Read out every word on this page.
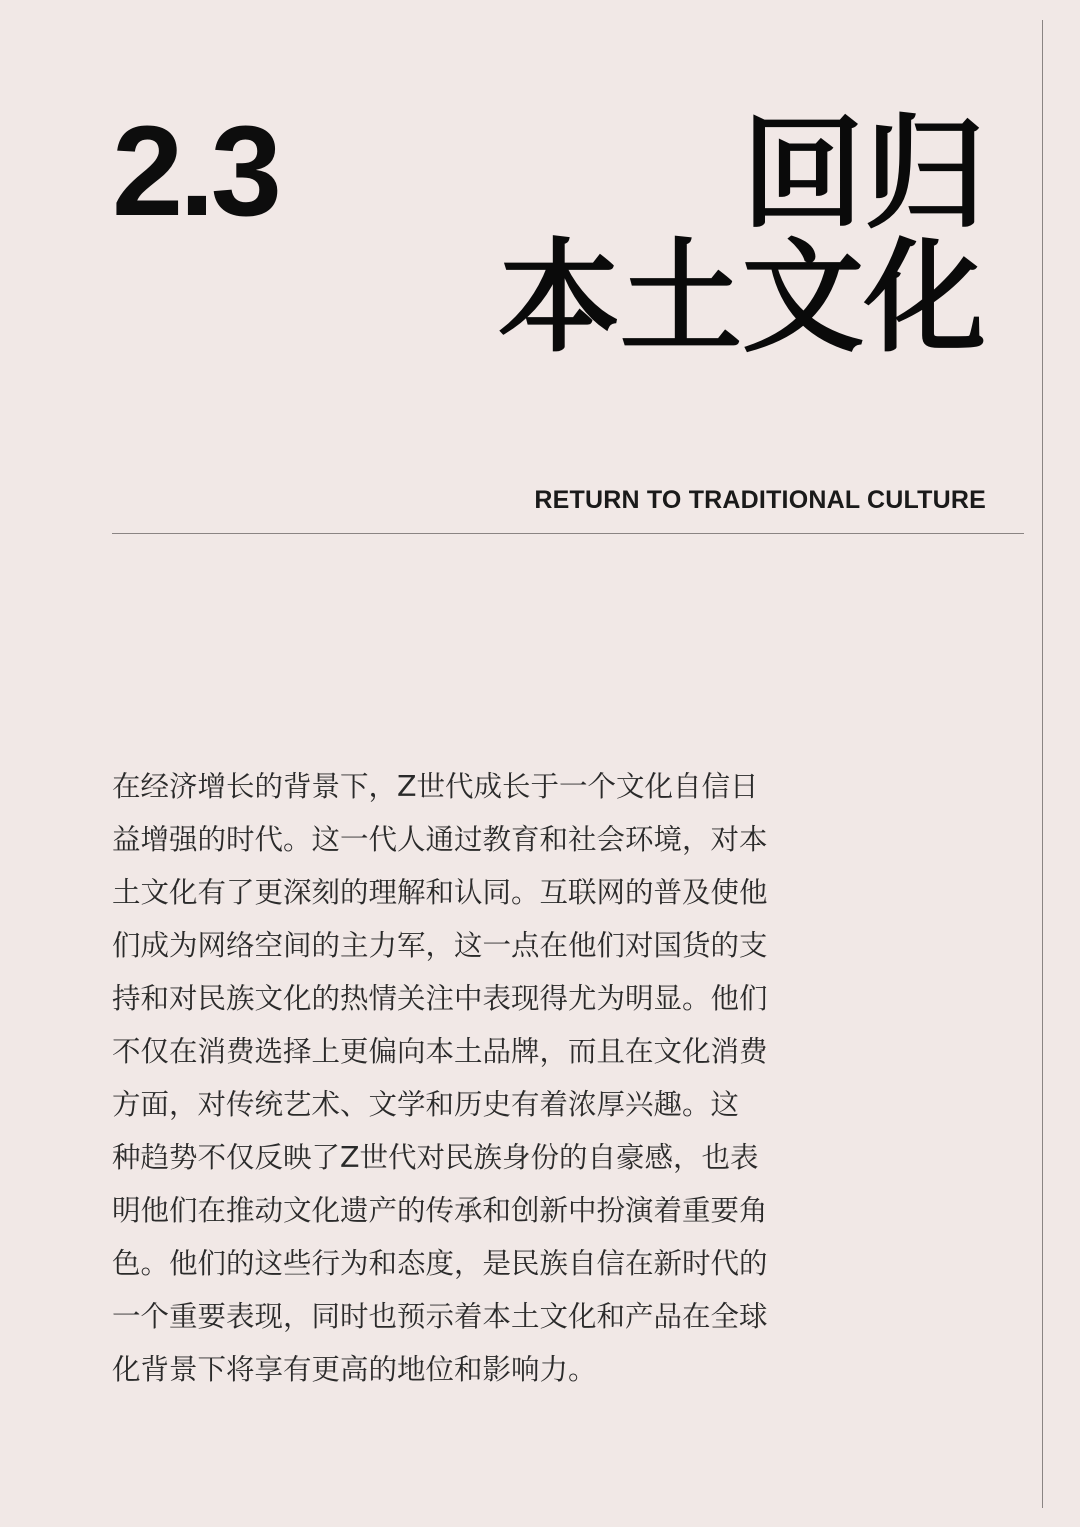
2.3	回归
本土文化
RETURN TO TRADITIONAL CULTURE
在经济增长的背景下，Z世代成长于一个文化自信日
益增强的时代。这一代人通过教育和社会环境，对本
土文化有了更深刻的理解和认同。互联网的普及使他
们成为网络空间的主力军，这一点在他们对国货的支
持和对民族文化的热情关注中表现得尤为明显。他们
不仅在消费选择上更偏向本土品牌，而且在文化消费
方面，对传统艺术、文学和历史有着浓厚兴趣。这
种趋势不仅反映了Z世代对民族身份的自豪感，也表
明他们在推动文化遗产的传承和创新中扮演着重要角
色。他们的这些行为和态度，是民族自信在新时代的
一个重要表现，同时也预示着本土文化和产品在全球
化背景下将享有更高的地位和影响力。
